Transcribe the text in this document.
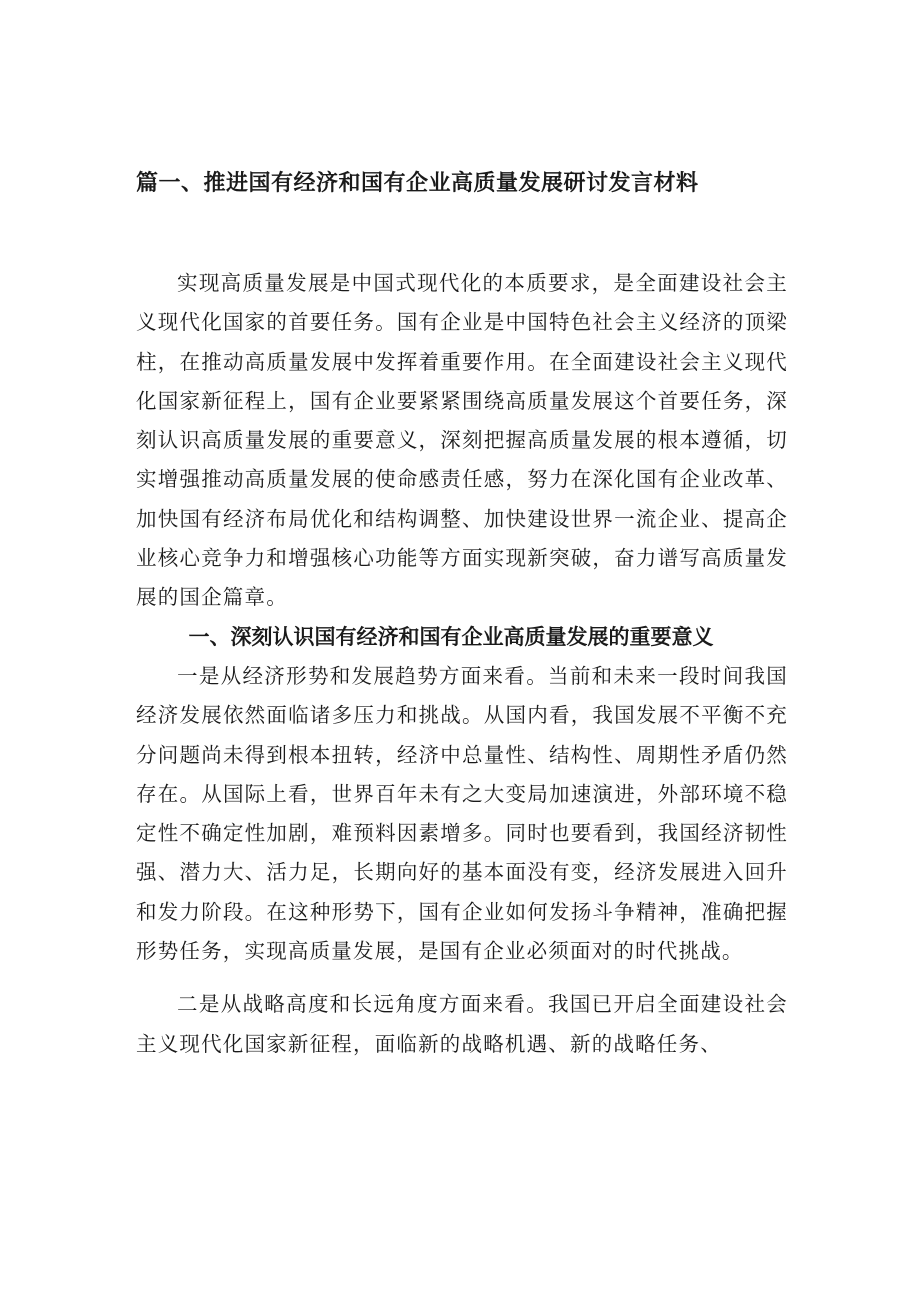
篇一、推进国有经济和国有企业高质量发展研讨发言材料

实现高质量发展是中国式现代化的本质要求，是全面建设社会主义现代化国家的首要任务。国有企业是中国特色社会主义经济的顶梁柱，在推动高质量发展中发挥着重要作用。在全面建设社会主义现代化国家新征程上，国有企业要紧紧围绕高质量发展这个首要任务，深刻认识高质量发展的重要意义，深刻把握高质量发展的根本遵循，切实增强推动高质量发展的使命感责任感，努力在深化国有企业改革、加快国有经济布局优化和结构调整、加快建设世界一流企业、提高企业核心竞争力和增强核心功能等方面实现新突破，奋力谱写高质量发展的国企篇章。

一、深刻认识国有经济和国有企业高质量发展的重要意义

一是从经济形势和发展趋势方面来看。当前和未来一段时间我国经济发展依然面临诸多压力和挑战。从国内看，我国发展不平衡不充分问题尚未得到根本扭转，经济中总量性、结构性、周期性矛盾仍然存在。从国际上看，世界百年未有之大变局加速演进，外部环境不稳定性不确定性加剧，难预料因素增多。同时也要看到，我国经济韧性强、潜力大、活力足，长期向好的基本面没有变，经济发展进入回升和发力阶段。在这种形势下，国有企业如何发扬斗争精神，准确把握形势任务，实现高质量发展，是国有企业必须面对的时代挑战。

二是从战略高度和长远角度方面来看。我国已开启全面建设社会主义现代化国家新征程，面临新的战略机遇、新的战略任务、
